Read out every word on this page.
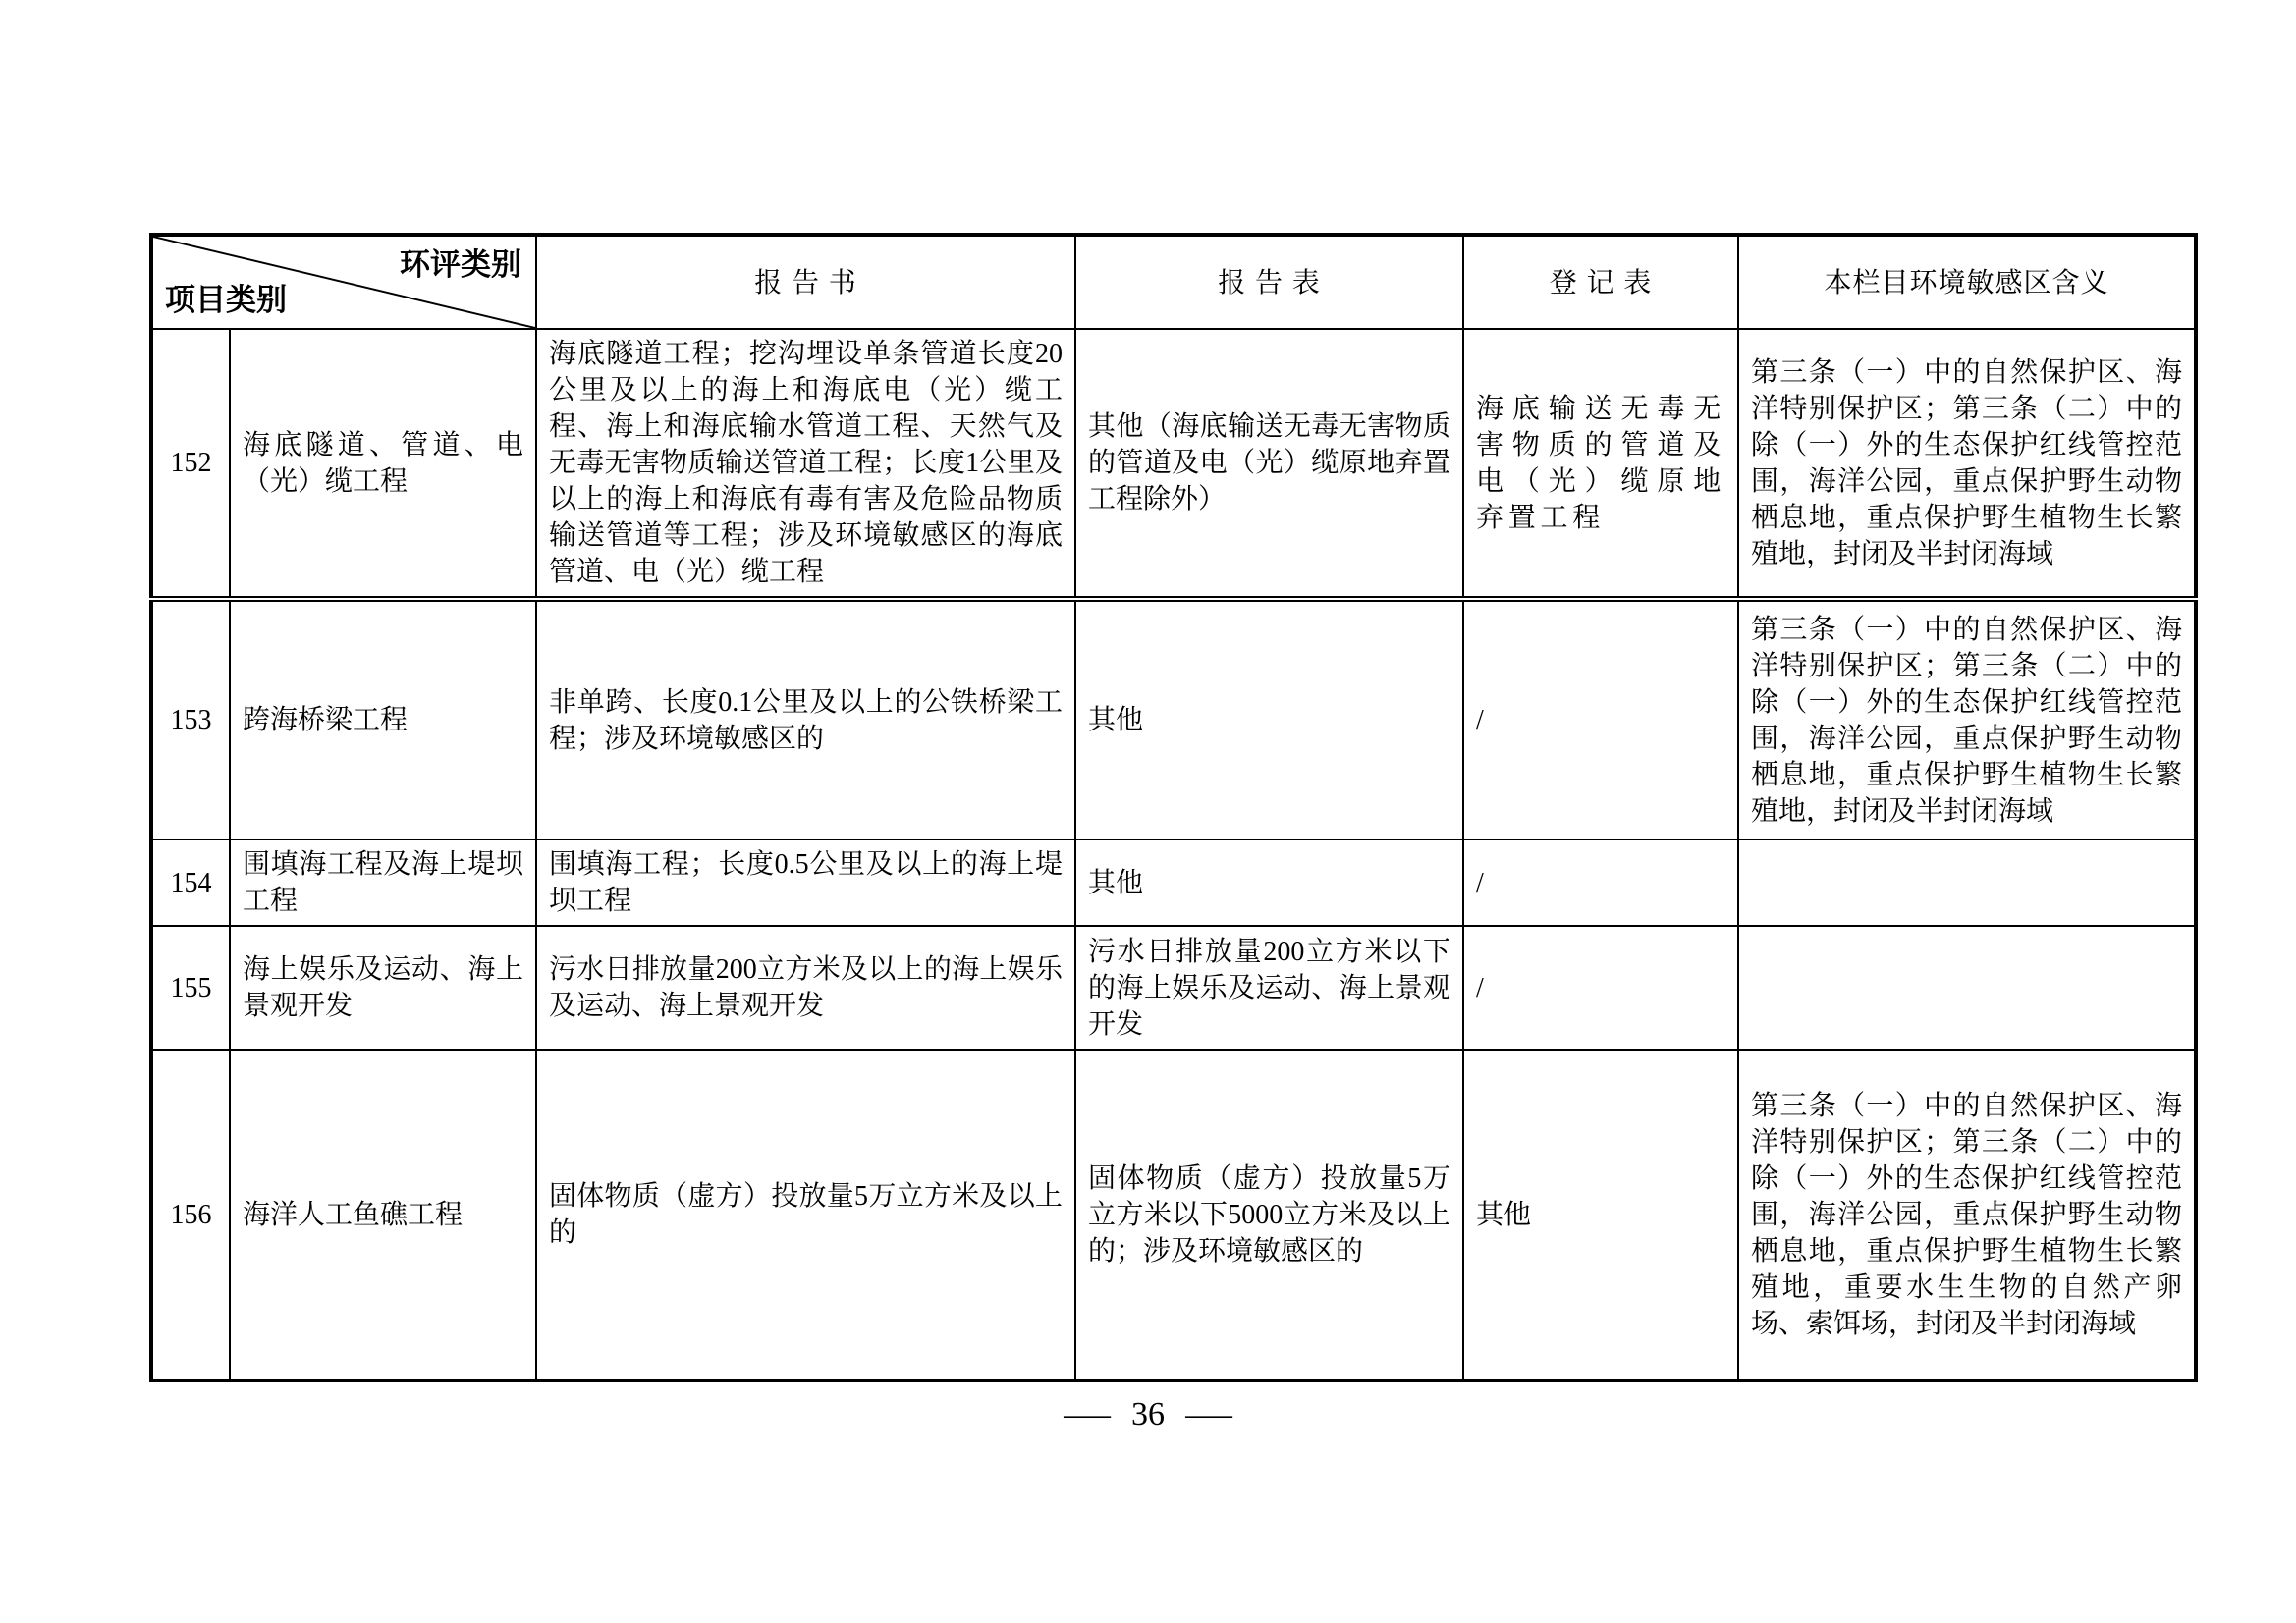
环评类别
项目类别		报 告 书	报 告 表	登 记 表	本栏目环境敏感区含义
152	海底隧道、管道、电（光）缆工程	海底隧道工程；挖沟埋设单条管道长度20公里及以上的海上和海底电（光）缆工程、海上和海底输水管道工程、天然气及无毒无害物质输送管道工程；长度1公里及以上的海上和海底有毒有害及危险品物质输送管道等工程；涉及环境敏感区的海底管道、电（光）缆工程	其他（海底输送无毒无害物质的管道及电（光）缆原地弃置工程除外）	海底输送无毒无害物质的管道及电（光）缆原地弃置工程	第三条（一）中的自然保护区、海洋特别保护区；第三条（二）中的除（一）外的生态保护红线管控范围，海洋公园，重点保护野生动物栖息地，重点保护野生植物生长繁殖地，封闭及半封闭海域
153	跨海桥梁工程	非单跨、长度0.1公里及以上的公铁桥梁工程；涉及环境敏感区的	其他	/	第三条（一）中的自然保护区、海洋特别保护区；第三条（二）中的除（一）外的生态保护红线管控范围，海洋公园，重点保护野生动物栖息地，重点保护野生植物生长繁殖地，封闭及半封闭海域
154	围填海工程及海上堤坝工程	围填海工程；长度0.5公里及以上的海上堤坝工程	其他	/	
155	海上娱乐及运动、海上景观开发	污水日排放量200立方米及以上的海上娱乐及运动、海上景观开发	污水日排放量200立方米以下的海上娱乐及运动、海上景观开发	/	
156	海洋人工鱼礁工程	固体物质（虚方）投放量5万立方米及以上的	固体物质（虚方）投放量5万立方米以下5000立方米及以上的；涉及环境敏感区的	其他	第三条（一）中的自然保护区、海洋特别保护区；第三条（二）中的除（一）外的生态保护红线管控范围，海洋公园，重点保护野生动物栖息地，重点保护野生植物生长繁殖地，重要水生生物的自然产卵场、索饵场，封闭及半封闭海域
— 36 —
